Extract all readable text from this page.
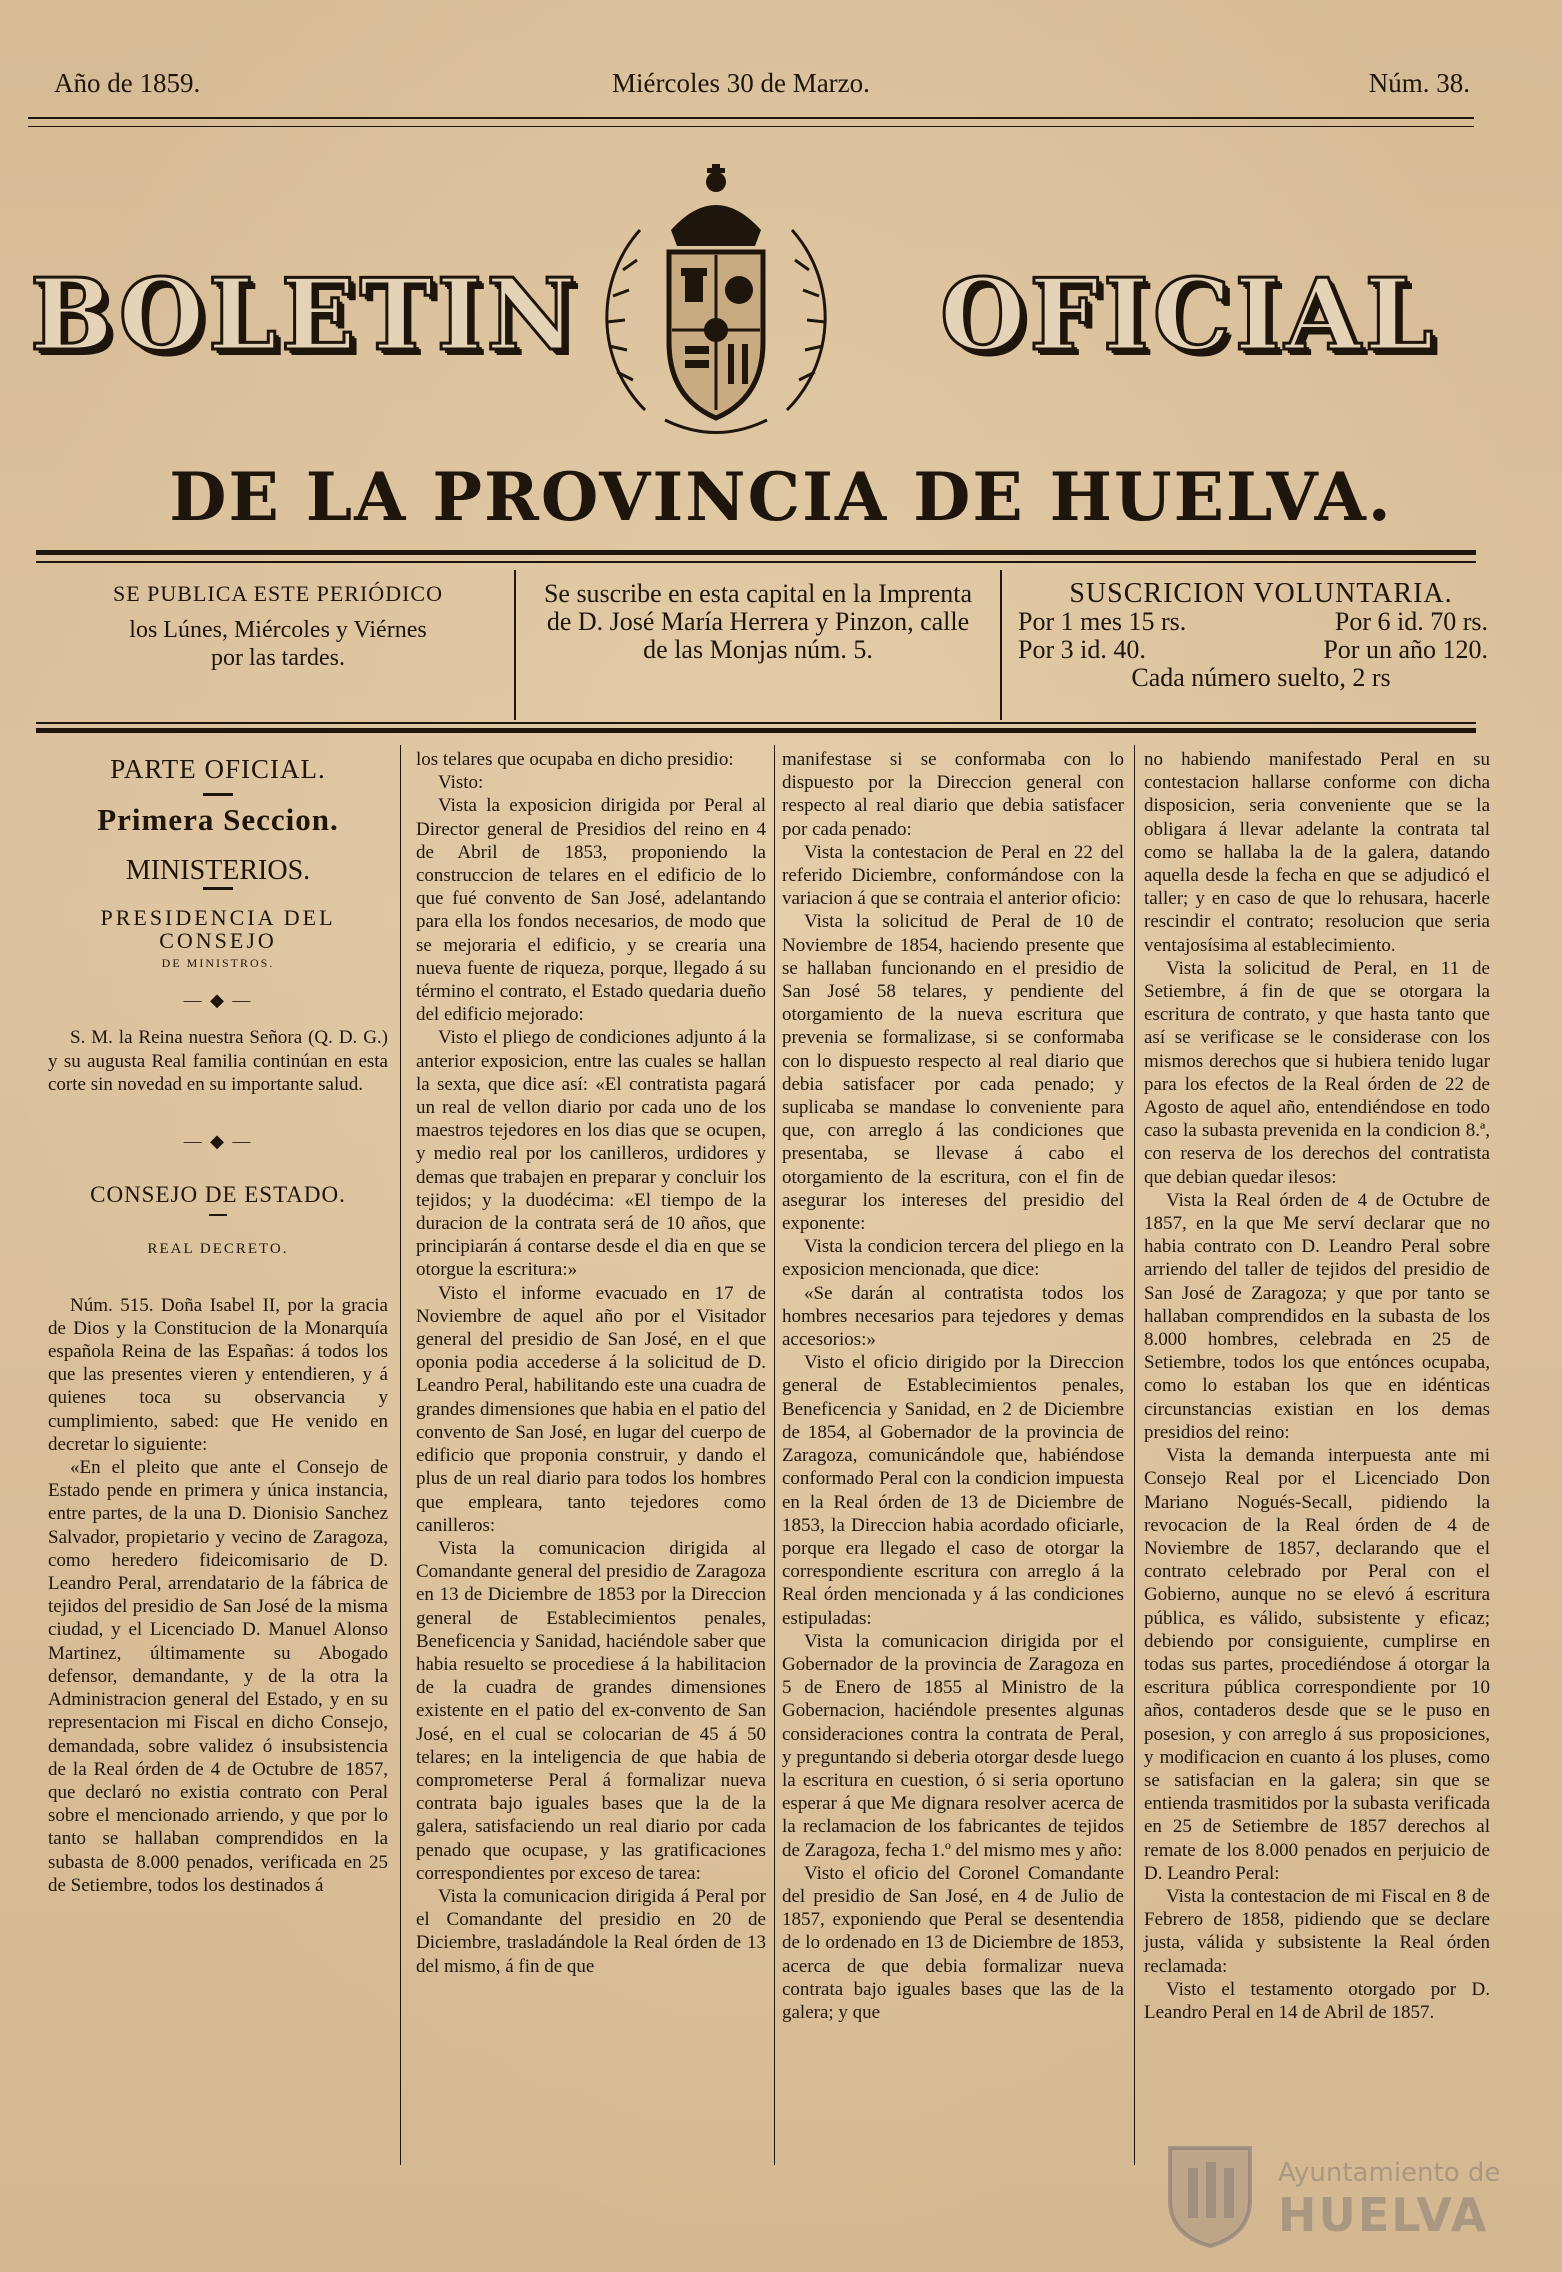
Año de 1859.	Miércoles 30 de Marzo.	Núm. 38.
BOLETIN	OFICIAL
DE LA PROVINCIA DE HUELVA.
SE PUBLICA ESTE PERIÓDICO
los Lúnes, Miércoles y Viérnes
por las tardes.
Se suscribe en esta capital en la Imprenta
de D. José María Herrera y Pinzon, calle
de las Monjas núm. 5.
SUSCRICION VOLUNTARIA.
Por 1 mes 15 rs.	Por 6 id. 70 rs.
Por 3 id. 40.	Por un año 120.
Cada número suelto, 2 rs
PARTE OFICIAL.
Primera Seccion.
MINISTERIOS.
PRESIDENCIA DEL CONSEJO
DE MINISTROS.
— ◆ —

S. M. la Reina nuestra Señora (Q. D. G.) y su augusta Real familia continúan en esta corte sin novedad en su importante salud.

— ◆ —
CONSEJO DE ESTADO.
REAL DECRETO.

Núm. 515. Doña Isabel II, por la gracia de Dios y la Constitucion de la Monarquía española Reina de las Españas: á todos los que las presentes vieren y entendieren, y á quienes toca su observancia y cumplimiento, sabed: que He venido en decretar lo siguiente:

«En el pleito que ante el Consejo de Estado pende en primera y única instancia, entre partes, de la una D. Dionisio Sanchez Salvador, propietario y vecino de Zaragoza, como heredero fideicomisario de D. Leandro Peral, arrendatario de la fábrica de tejidos del presidio de San José de la misma ciudad, y el Licenciado D. Manuel Alonso Martinez, últimamente su Abogado defensor, demandante, y de la otra la Administracion general del Estado, y en su representacion mi Fiscal en dicho Consejo, demandada, sobre validez ó insubsistencia de la Real órden de 4 de Octubre de 1857, que declaró no existia contrato con Peral sobre el mencionado arriendo, y que por lo tanto se hallaban comprendidos en la subasta de 8.000 penados, verificada en 25 de Setiembre, todos los destinados á

los telares que ocupaba en dicho presidio:

Visto:

Vista la exposicion dirigida por Peral al Director general de Presidios del reino en 4 de Abril de 1853, proponiendo la construccion de telares en el edificio de lo que fué convento de San José, adelantando para ella los fondos necesarios, de modo que se mejoraria el edificio, y se crearia una nueva fuente de riqueza, porque, llegado á su término el contrato, el Estado quedaria dueño del edificio mejorado:

Visto el pliego de condiciones adjunto á la anterior exposicion, entre las cuales se hallan la sexta, que dice así: «El contratista pagará un real de vellon diario por cada uno de los maestros tejedores en los dias que se ocupen, y medio real por los canilleros, urdidores y demas que trabajen en preparar y concluir los tejidos; y la duodécima: «El tiempo de la duracion de la contrata será de 10 años, que principiarán á contarse desde el dia en que se otorgue la escritura:»

Visto el informe evacuado en 17 de Noviembre de aquel año por el Visitador general del presidio de San José, en el que oponia podia accederse á la solicitud de D. Leandro Peral, habilitando este una cuadra de grandes dimensiones que habia en el patio del convento de San José, en lugar del cuerpo de edificio que proponia construir, y dando el plus de un real diario para todos los hombres que empleara, tanto tejedores como canilleros:

Vista la comunicacion dirigida al Comandante general del presidio de Zaragoza en 13 de Diciembre de 1853 por la Direccion general de Establecimientos penales, Beneficencia y Sanidad, haciéndole saber que habia resuelto se procediese á la habilitacion de la cuadra de grandes dimensiones existente en el patio del ex-convento de San José, en el cual se colocarian de 45 á 50 telares; en la inteligencia de que habia de comprometerse Peral á formalizar nueva contrata bajo iguales bases que la de la galera, satisfaciendo un real diario por cada penado que ocupase, y las gratificaciones correspondientes por exceso de tarea:

Vista la comunicacion dirigida á Peral por el Comandante del presidio en 20 de Diciembre, trasladándole la Real órden de 13 del mismo, á fin de que

manifestase si se conformaba con lo dispuesto por la Direccion general con respecto al real diario que debia satisfacer por cada penado:

Vista la contestacion de Peral en 22 del referido Diciembre, conformándose con la variacion á que se contraia el anterior oficio:

Vista la solicitud de Peral de 10 de Noviembre de 1854, haciendo presente que se hallaban funcionando en el presidio de San José 58 telares, y pendiente del otorgamiento de la nueva escritura que prevenia se formalizase, si se conformaba con lo dispuesto respecto al real diario que debia satisfacer por cada penado; y suplicaba se mandase lo conveniente para que, con arreglo á las condiciones que presentaba, se llevase á cabo el otorgamiento de la escritura, con el fin de asegurar los intereses del presidio del exponente:

Vista la condicion tercera del pliego en la exposicion mencionada, que dice:

«Se darán al contratista todos los hombres necesarios para tejedores y demas accesorios:»

Visto el oficio dirigido por la Direccion general de Establecimientos penales, Beneficencia y Sanidad, en 2 de Diciembre de 1854, al Gobernador de la provincia de Zaragoza, comunicándole que, habiéndose conformado Peral con la condicion impuesta en la Real órden de 13 de Diciembre de 1853, la Direccion habia acordado oficiarle, porque era llegado el caso de otorgar la correspondiente escritura con arreglo á la Real órden mencionada y á las condiciones estipuladas:

Vista la comunicacion dirigida por el Gobernador de la provincia de Zaragoza en 5 de Enero de 1855 al Ministro de la Gobernacion, haciéndole presentes algunas consideraciones contra la contrata de Peral, y preguntando si deberia otorgar desde luego la escritura en cuestion, ó si seria oportuno esperar á que Me dignara resolver acerca de la reclamacion de los fabricantes de tejidos de Zaragoza, fecha 1.º del mismo mes y año:

Visto el oficio del Coronel Comandante del presidio de San José, en 4 de Julio de 1857, exponiendo que Peral se desentendia de lo ordenado en 13 de Diciembre de 1853, acerca de que debia formalizar nueva contrata bajo iguales bases que las de la galera; y que

no habiendo manifestado Peral en su contestacion hallarse conforme con dicha disposicion, seria conveniente que se la obligara á llevar adelante la contrata tal como se hallaba la de la galera, datando aquella desde la fecha en que se adjudicó el taller; y en caso de que lo rehusara, hacerle rescindir el contrato; resolucion que seria ventajosísima al establecimiento.

Vista la solicitud de Peral, en 11 de Setiembre, á fin de que se otorgara la escritura de contrato, y que hasta tanto que así se verificase se le considerase con los mismos derechos que si hubiera tenido lugar para los efectos de la Real órden de 22 de Agosto de aquel año, entendiéndose en todo caso la subasta prevenida en la condicion 8.ª, con reserva de los derechos del contratista que debian quedar ilesos:

Vista la Real órden de 4 de Octubre de 1857, en la que Me serví declarar que no habia contrato con D. Leandro Peral sobre arriendo del taller de tejidos del presidio de San José de Zaragoza; y que por tanto se hallaban comprendidos en la subasta de los 8.000 hombres, celebrada en 25 de Setiembre, todos los que entónces ocupaba, como lo estaban los que en idénticas circunstancias existian en los demas presidios del reino:

Vista la demanda interpuesta ante mi Consejo Real por el Licenciado Don Mariano Nogués-Secall, pidiendo la revocacion de la Real órden de 4 de Noviembre de 1857, declarando que el contrato celebrado por Peral con el Gobierno, aunque no se elevó á escritura pública, es válido, subsistente y eficaz; debiendo por consiguiente, cumplirse en todas sus partes, procediéndose á otorgar la escritura pública correspondiente por 10 años, contaderos desde que se le puso en posesion, y con arreglo á sus proposiciones, y modificacion en cuanto á los pluses, como se satisfacian en la galera; sin que se entienda trasmitidos por la subasta verificada en 25 de Setiembre de 1857 derechos al remate de los 8.000 penados en perjuicio de D. Leandro Peral:

Vista la contestacion de mi Fiscal en 8 de Febrero de 1858, pidiendo que se declare justa, válida y subsistente la Real órden reclamada:

Visto el testamento otorgado por D. Leandro Peral en 14 de Abril de 1857.

Ayuntamiento de
HUELVA
